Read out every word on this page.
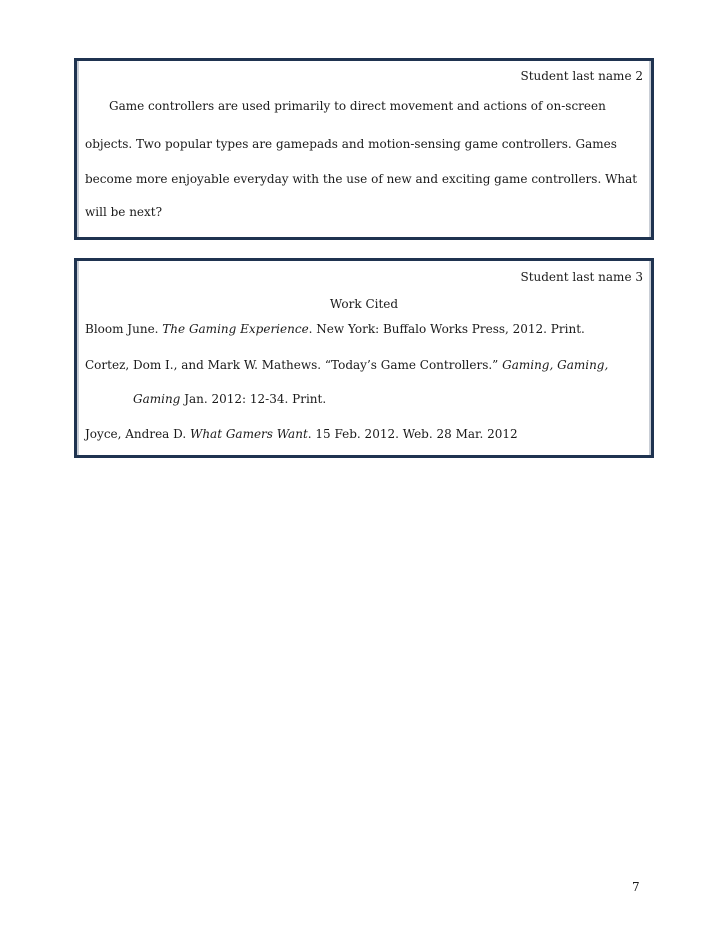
Student last name 2
Game controllers are used primarily to direct movement and actions of on-screen
objects. Two popular types are gamepads and motion-sensing game controllers. Games
become more enjoyable everyday with the use of new and exciting game controllers. What
will be next?
Student last name 3
Work Cited
Bloom June. The Gaming Experience. New York: Buffalo Works Press, 2012. Print.
Cortez, Dom I., and Mark W. Mathews. “Today’s Game Controllers.” Gaming, Gaming,
Gaming Jan. 2012: 12-34. Print.
Joyce, Andrea D. What Gamers Want. 15 Feb. 2012. Web. 28 Mar. 2012
7
